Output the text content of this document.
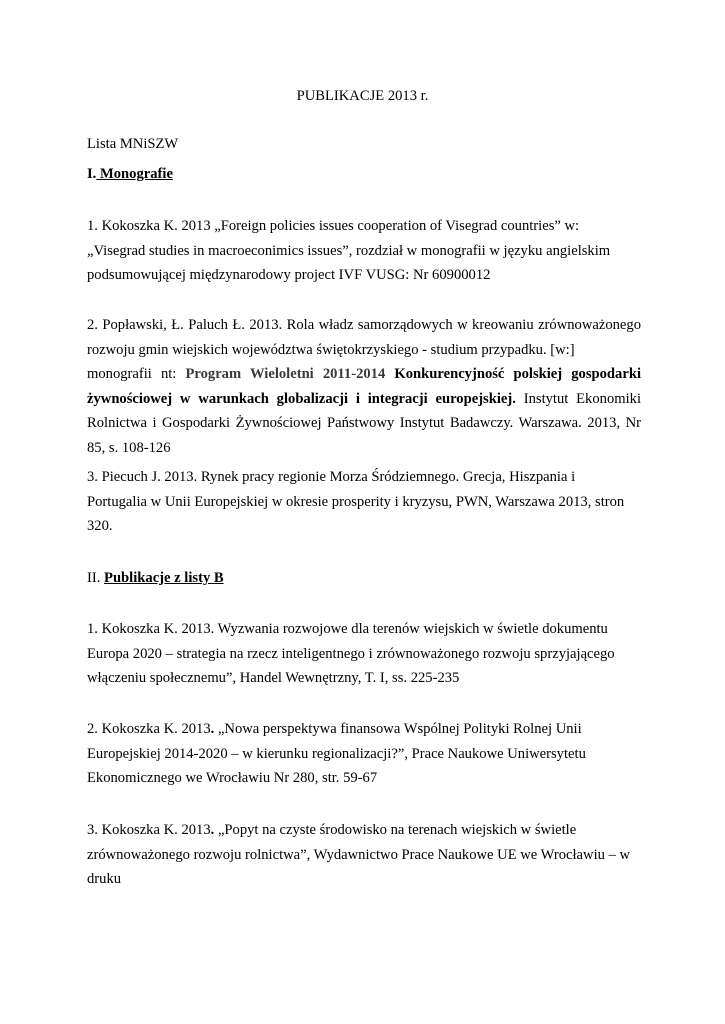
PUBLIKACJE 2013 r.
Lista MNiSZW
I. Monografie
1. Kokoszka K. 2013 „Foreign policies issues cooperation of Visegrad countries” w:
„Visegrad studies in macroeconimics issues”, rozdział w monografii w języku angielskim
podsumowującej międzynarodowy project IVF VUSG: Nr 60900012
2. Popławski, Ł. Paluch Ł. 2013. Rola władz samorządowych w kreowaniu zrównoważonego
rozwoju gmin wiejskich województwa świętokrzyskiego - studium przypadku. [w:]
monografii nt: Program Wieloletni 2011-2014 Konkurencyjność polskiej gospodarki
żywnościowej w warunkach globalizacji i integracji europejskiej. Instytut Ekonomiki
Rolnictwa i Gospodarki Żywnościowej Państwowy Instytut Badawczy. Warszawa. 2013, Nr
85, s. 108-126
3. Piecuch J. 2013. Rynek pracy regionie Morza Śródziemnego. Grecja, Hiszpania i
Portugalia w Unii Europejskiej w okresie prosperity i kryzysu, PWN, Warszawa 2013, stron
320.
II. Publikacje z listy B
1. Kokoszka K. 2013. Wyzwania rozwojowe dla terenów wiejskich w świetle dokumentu
Europa 2020 – strategia na rzecz inteligentnego i zrównoważonego rozwoju sprzyjającego
włączeniu społecznemu”, Handel Wewnętrzny, T. I, ss. 225-235
2. Kokoszka K. 2013. „Nowa perspektywa finansowa Wspólnej Polityki Rolnej Unii
Europejskiej 2014-2020 – w kierunku regionalizacji?”, Prace Naukowe Uniwersytetu
Ekonomicznego we Wrocławiu Nr 280, str. 59-67
3. Kokoszka K. 2013. „Popyt na czyste środowisko na terenach wiejskich w świetle
zrównoważonego rozwoju rolnictwa”, Wydawnictwo Prace Naukowe UE we Wrocławiu – w
druku
